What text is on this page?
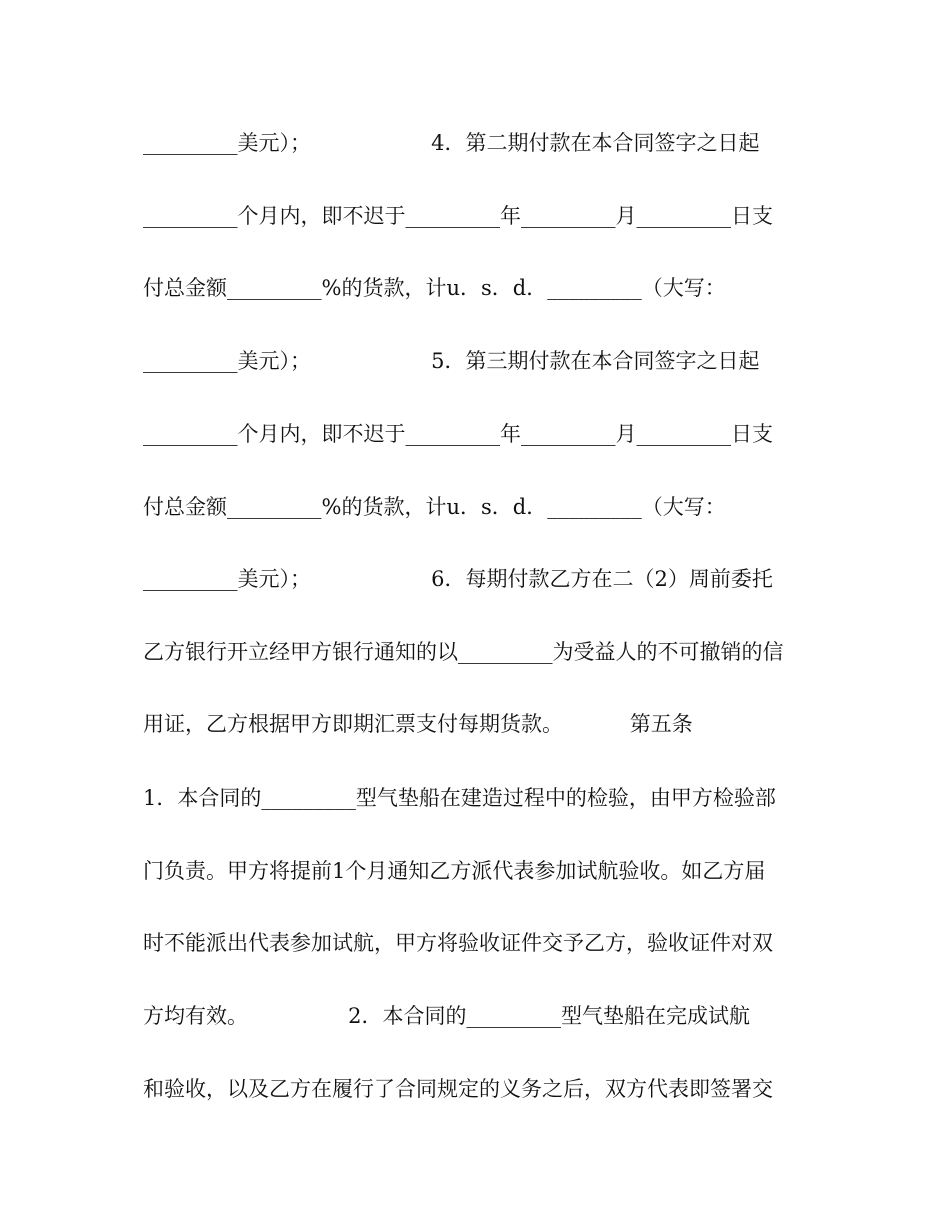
_________美元）；                  4．第二期付款在本合同签字之日起
_________个月内，即不迟于_________年_________月_________日支
付总金额_________%的货款，计u．s．d．_________（大写：
_________美元）；                  5．第三期付款在本合同签字之日起
_________个月内，即不迟于_________年_________月_________日支
付总金额_________%的货款，计u．s．d．_________（大写：
_________美元）；                  6．每期付款乙方在二（2）周前委托
乙方银行开立经甲方银行通知的以_________为受益人的不可撤销的信
用证，乙方根据甲方即期汇票支付每期货款。          第五条
1．本合同的_________型气垫船在建造过程中的检验，由甲方检验部
门负责。甲方将提前1个月通知乙方派代表参加试航验收。如乙方届
时不能派出代表参加试航，甲方将验收证件交予乙方，验收证件对双
方均有效。               2．本合同的_________型气垫船在完成试航
和验收，以及乙方在履行了合同规定的义务之后，双方代表即签署交
